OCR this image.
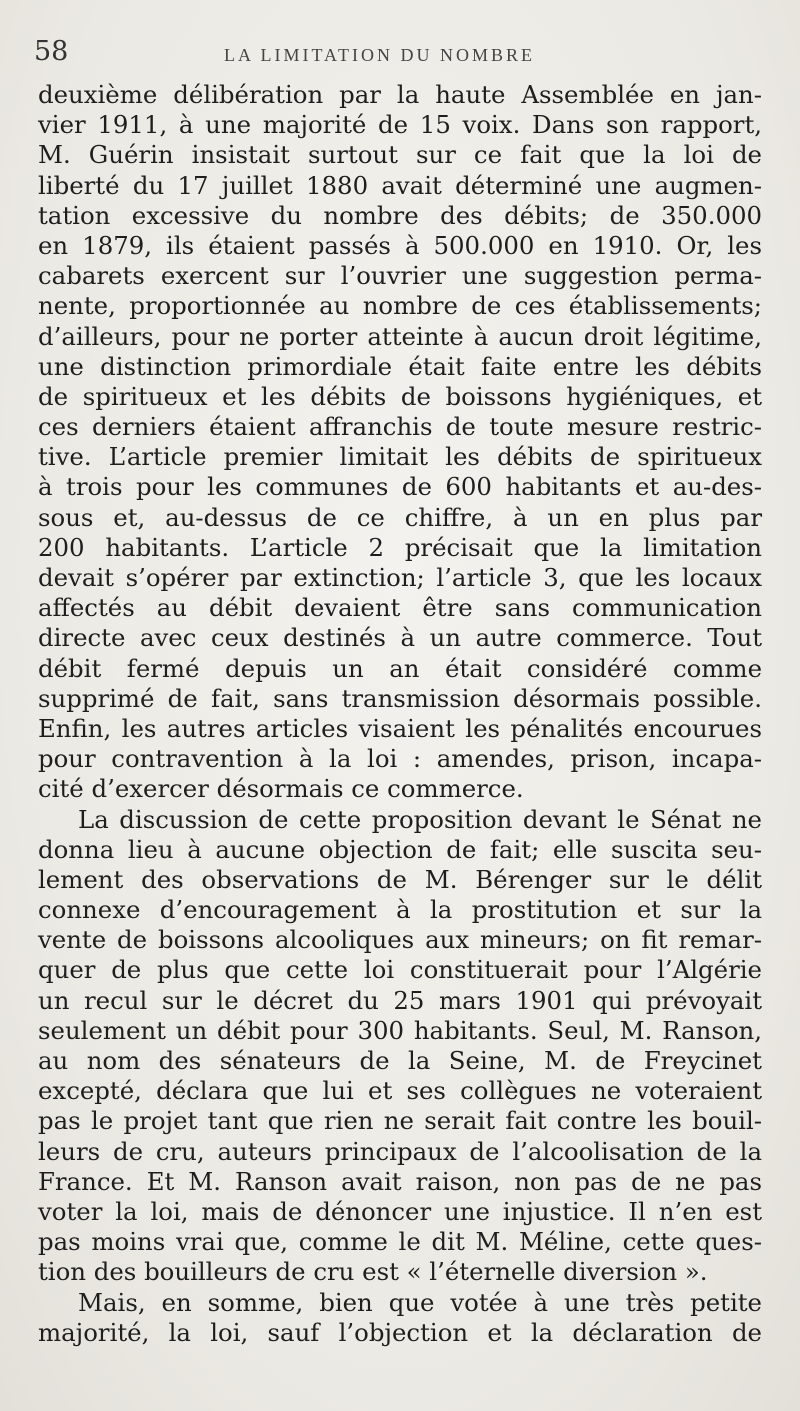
58	LA LIMITATION DU NOMBRE
deuxième délibération par la haute Assemblée en jan-
vier 1911, à une majorité de 15 voix. Dans son rapport,
M. Guérin insistait surtout sur ce fait que la loi de
liberté du 17 juillet 1880 avait déterminé une augmen-
tation excessive du nombre des débits; de 350.000
en 1879, ils étaient passés à 500.000 en 1910. Or, les
cabarets exercent sur l’ouvrier une suggestion perma-
nente, proportionnée au nombre de ces établissements;
d’ailleurs, pour ne porter atteinte à aucun droit légitime,
une distinction primordiale était faite entre les débits
de spiritueux et les débits de boissons hygiéniques, et
ces derniers étaient affranchis de toute mesure restric-
tive. L’article premier limitait les débits de spiritueux
à trois pour les communes de 600 habitants et au-des-
sous et, au-dessus de ce chiffre, à un en plus par
200 habitants. L’article 2 précisait que la limitation
devait s’opérer par extinction; l’article 3, que les locaux
affectés au débit devaient être sans communication
directe avec ceux destinés à un autre commerce. Tout
débit fermé depuis un an était considéré comme
supprimé de fait, sans transmission désormais possible.
Enfin, les autres articles visaient les pénalités encourues
pour contravention à la loi : amendes, prison, incapa-
cité d’exercer désormais ce commerce.
La discussion de cette proposition devant le Sénat ne
donna lieu à aucune objection de fait; elle suscita seu-
lement des observations de M. Bérenger sur le délit
connexe d’encouragement à la prostitution et sur la
vente de boissons alcooliques aux mineurs; on fit remar-
quer de plus que cette loi constituerait pour l’Algérie
un recul sur le décret du 25 mars 1901 qui prévoyait
seulement un débit pour 300 habitants. Seul, M. Ranson,
au nom des sénateurs de la Seine, M. de Freycinet
excepté, déclara que lui et ses collègues ne voteraient
pas le projet tant que rien ne serait fait contre les bouil-
leurs de cru, auteurs principaux de l’alcoolisation de la
France. Et M. Ranson avait raison, non pas de ne pas
voter la loi, mais de dénoncer une injustice. Il n’en est
pas moins vrai que, comme le dit M. Méline, cette ques-
tion des bouilleurs de cru est « l’éternelle diversion ».
Mais, en somme, bien que votée à une très petite
majorité, la loi, sauf l’objection et la déclaration de
